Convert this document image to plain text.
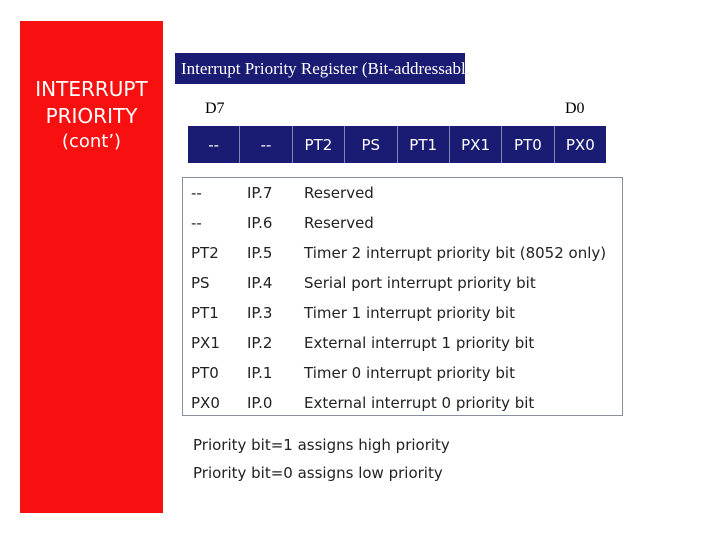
INTERRUPT
PRIORITY
(cont’)
Interrupt Priority Register (Bit-addressable)
D7	D0
--	--	PT2	PS	PT1	PX1	PT0	PX0
--	IP.7 Reserved
--	IP.6 Reserved
PT2 IP.5 Timer 2 interrupt priority bit (8052 only)
PS IP.4 Serial port interrupt priority bit
PT1 IP.3 Timer 1 interrupt priority bit
PX1 IP.2 External interrupt 1 priority bit
PT0 IP.1 Timer 0 interrupt priority bit
PX0 IP.0 External interrupt 0 priority bit
Priority bit=1 assigns high priority
Priority bit=0 assigns low priority
